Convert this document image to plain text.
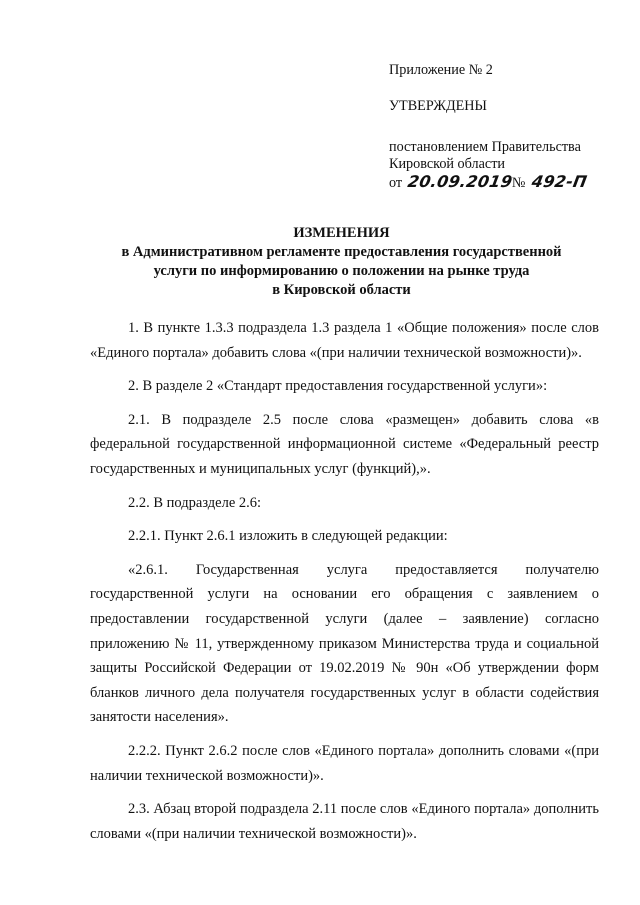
Приложение № 2
УТВЕРЖДЕНЫ
постановлением Правительства
Кировской области
от 20.09.2019№ 492-П
ИЗМЕНЕНИЯ
в Административном регламенте предоставления государственной
услуги по информированию о положении на рынке труда
в Кировской области

1. В пункте 1.3.3 подраздела 1.3 раздела 1 «Общие положения» после слов «Единого портала» добавить слова «(при наличии технической возможности)».

2. В разделе 2 «Стандарт предоставления государственной услуги»:

2.1. В подразделе 2.5 после слова «размещен» добавить слова «в федеральной государственной информационной системе «Федеральный реестр государственных и муниципальных услуг (функций),».

2.2. В подразделе 2.6:

2.2.1. Пункт 2.6.1 изложить в следующей редакции:

«2.6.1. Государственная услуга предоставляется получателю государственной услуги на основании его обращения с заявлением о предоставлении государственной услуги (далее – заявление) согласно приложению № 11, утвержденному приказом Министерства труда и социальной защиты Российской Федерации от 19.02.2019 № 90н «Об утверждении форм бланков личного дела получателя государственных услуг в области содействия занятости населения».

2.2.2. Пункт 2.6.2 после слов «Единого портала» дополнить словами «(при наличии технической возможности)».

2.3. Абзац второй подраздела 2.11 после слов «Единого портала» дополнить словами «(при наличии технической возможности)».
